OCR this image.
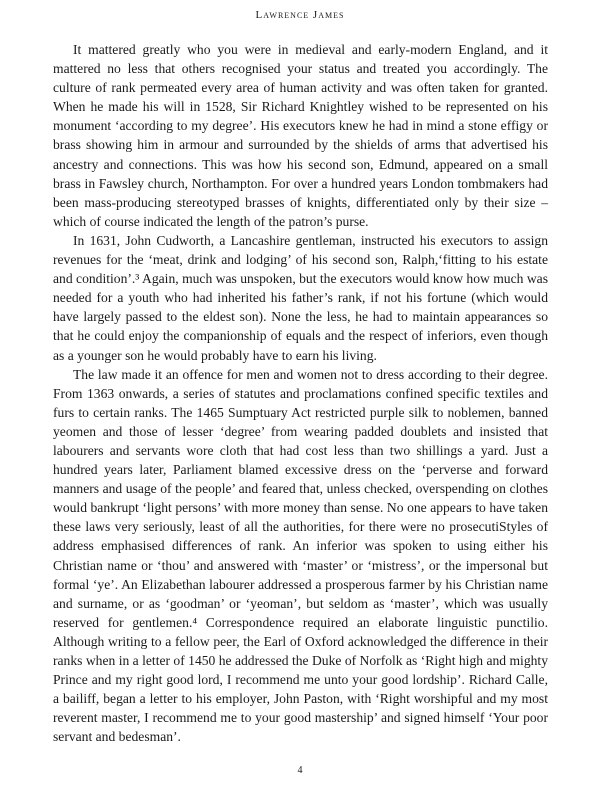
Lawrence James

It mattered greatly who you were in medieval and early-modern England, and it mattered no less that others recognised your status and treated you accordingly. The culture of rank permeated every area of human activity and was often taken for granted. When he made his will in 1528, Sir Richard Knightley wished to be represented on his monument ‘according to my degree’. His executors knew he had in mind a stone effigy or brass showing him in armour and surrounded by the shields of arms that advertised his ancestry and connections. This was how his second son, Edmund, appeared on a small brass in Fawsley church, Northampton. For over a hundred years London tombmakers had been mass-producing stereotyped brasses of knights, differentiated only by their size – which of course indicated the length of the patron’s purse.

In 1631, John Cudworth, a Lancashire gentleman, instructed his executors to assign revenues for the ‘meat, drink and lodging’ of his second son, Ralph,‘fitting to his estate and condition’.³ Again, much was unspoken, but the executors would know how much was needed for a youth who had inherited his father’s rank, if not his fortune (which would have largely passed to the eldest son). None the less, he had to maintain appearances so that he could enjoy the companionship of equals and the respect of inferiors, even though as a younger son he would probably have to earn his living.

The law made it an offence for men and women not to dress according to their degree. From 1363 onwards, a series of statutes and proclamations confined specific textiles and furs to certain ranks. The 1465 Sumptuary Act restricted purple silk to noblemen, banned yeomen and those of lesser ‘degree’ from wearing padded doublets and insisted that labourers and servants wore cloth that had cost less than two shillings a yard. Just a hundred years later, Parliament blamed excessive dress on the ‘perverse and forward manners and usage of the people’ and feared that, unless checked, overspending on clothes would bankrupt ‘light persons’ with more money than sense. No one appears to have taken these laws very seriously, least of all the authorities, for there were no prosecutiStyles of address emphasised differences of rank. An inferior was spoken to using either his Christian name or ‘thou’ and answered with ‘master’ or ‘mistress’, or the impersonal but formal ‘ye’. An Elizabethan labourer addressed a prosperous farmer by his Christian name and surname, or as ‘goodman’ or ‘yeoman’, but seldom as ‘master’, which was usually reserved for gentlemen.⁴ Correspondence required an elaborate linguistic punctilio. Although writing to a fellow peer, the Earl of Oxford acknowledged the difference in their ranks when in a letter of 1450 he addressed the Duke of Norfolk as ‘Right high and mighty Prince and my right good lord, I recommend me unto your good lordship’. Richard Calle, a bailiff, began a letter to his employer, John Paston, with ‘Right worshipful and my most reverent master, I recommend me to your good mastership’ and signed himself ‘Your poor servant and bedesman’.

4
